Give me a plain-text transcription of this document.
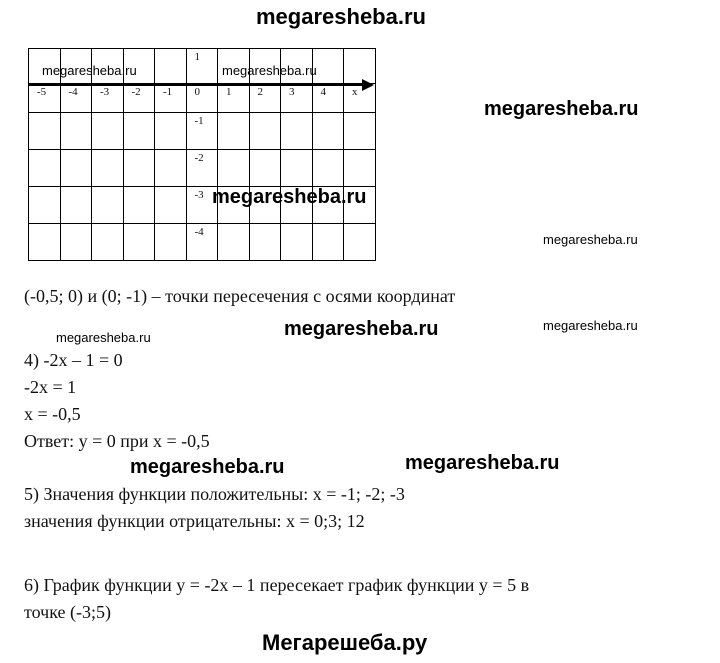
megaresheba.ru

					1					

-5	-4	-3	-2	-1	0	1	2	3	4	x

					-1					

					-2					

					-3					

					-4					

megaresheba.ru	megaresheba.ru
megaresheba.ru
megaresheba.ru
megaresheba.ru
(-0,5; 0) и (0; -1) – точки пересечения с осями координат
megaresheba.ru
megaresheba.ru	megaresheba.ru
4) -2x – 1 = 0
-2x = 1
x = -0,5
Ответ: y = 0 при x = -0,5
megaresheba.ru	megaresheba.ru
5) Значения функции положительны: x = -1; -2; -3
значения функции отрицательны: x = 0;3; 12
6) График функции y = -2x – 1 пересекает график функции y = 5 в
точке (-3;5)
Мегарешеба.ру
